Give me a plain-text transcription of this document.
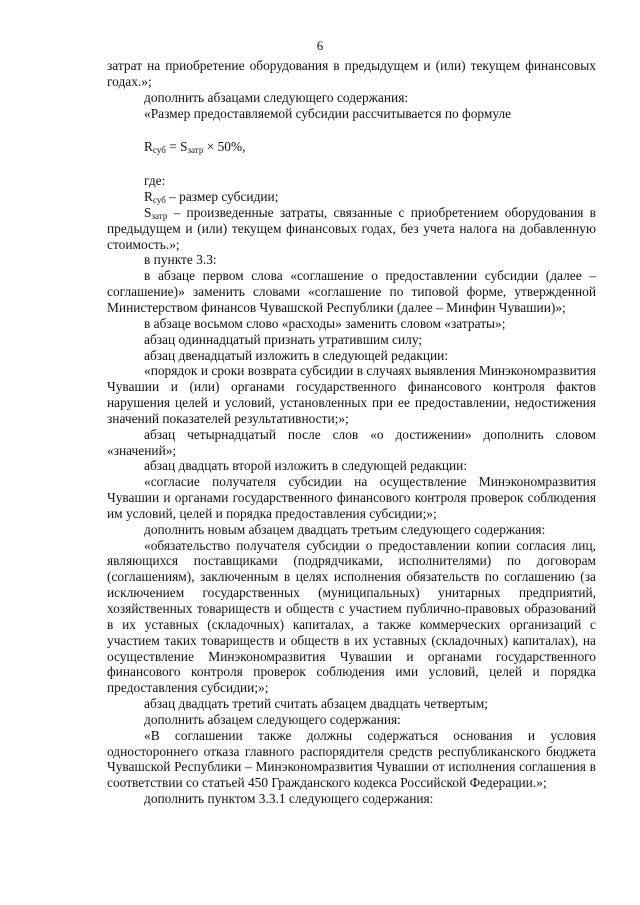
6

затрат на приобретение оборудования в предыдущем и (или) текущем финансовых годах.»;

дополнить абзацами следующего содержания:

«Размер предоставляемой субсидии рассчитывается по формуле

$R_{суб} = S_{затр} \times 50\%$,

где:

$R_{суб}$ – размер субсидии;

$S_{затр}$ – произведенные затраты, связанные с приобретением оборудования в предыдущем и (или) текущем финансовых годах, без учета налога на добавленную стоимость.»;

в пункте 3.3:

в абзаце первом слова «соглашение о предоставлении субсидии (далее – соглашение)» заменить словами «соглашение по типовой форме, утвержденной Министерством финансов Чувашской Республики (далее – Минфин Чувашии)»;

в абзаце восьмом слово «расходы» заменить словом «затраты»;

абзац одиннадцатый признать утратившим силу;

абзац двенадцатый изложить в следующей редакции:

«порядок и сроки возврата субсидии в случаях выявления Минэкономразвития Чувашии и (или) органами государственного финансового контроля фактов нарушения целей и условий, установленных при ее предоставлении, недостижения значений показателей результативности;»;

абзац четырнадцатый после слов «о достижении» дополнить словом «значений»;

абзац двадцать второй изложить в следующей редакции:

«согласие получателя субсидии на осуществление Минэкономразвития Чувашии и органами государственного финансового контроля проверок соблюдения им условий, целей и порядка предоставления субсидии;»;

дополнить новым абзацем двадцать третьим следующего содержания:

«обязательство получателя субсидии о предоставлении копии согласия лиц, являющихся поставщиками (подрядчиками, исполнителями) по договорам (соглашениям), заключенным в целях исполнения обязательств по соглашению (за исключением государственных (муниципальных) унитарных предприятий, хозяйственных товариществ и обществ с участием публично-правовых образований в их уставных (складочных) капиталах, а также коммерческих организаций с участием таких товариществ и обществ в их уставных (складочных) капиталах), на осуществление Минэкономразвития Чувашии и органами государственного финансового контроля проверок соблюдения ими условий, целей и порядка предоставления субсидии;»;

абзац двадцать третий считать абзацем двадцать четвертым;

дополнить абзацем следующего содержания:

«В соглашении также должны содержаться основания и условия одностороннего отказа главного распорядителя средств республиканского бюджета Чувашской Республики – Минэкономразвития Чувашии от исполнения соглашения в соответствии со статьей 450 Гражданского кодекса Российской Федерации.»;

дополнить пунктом 3.3.1 следующего содержания:
